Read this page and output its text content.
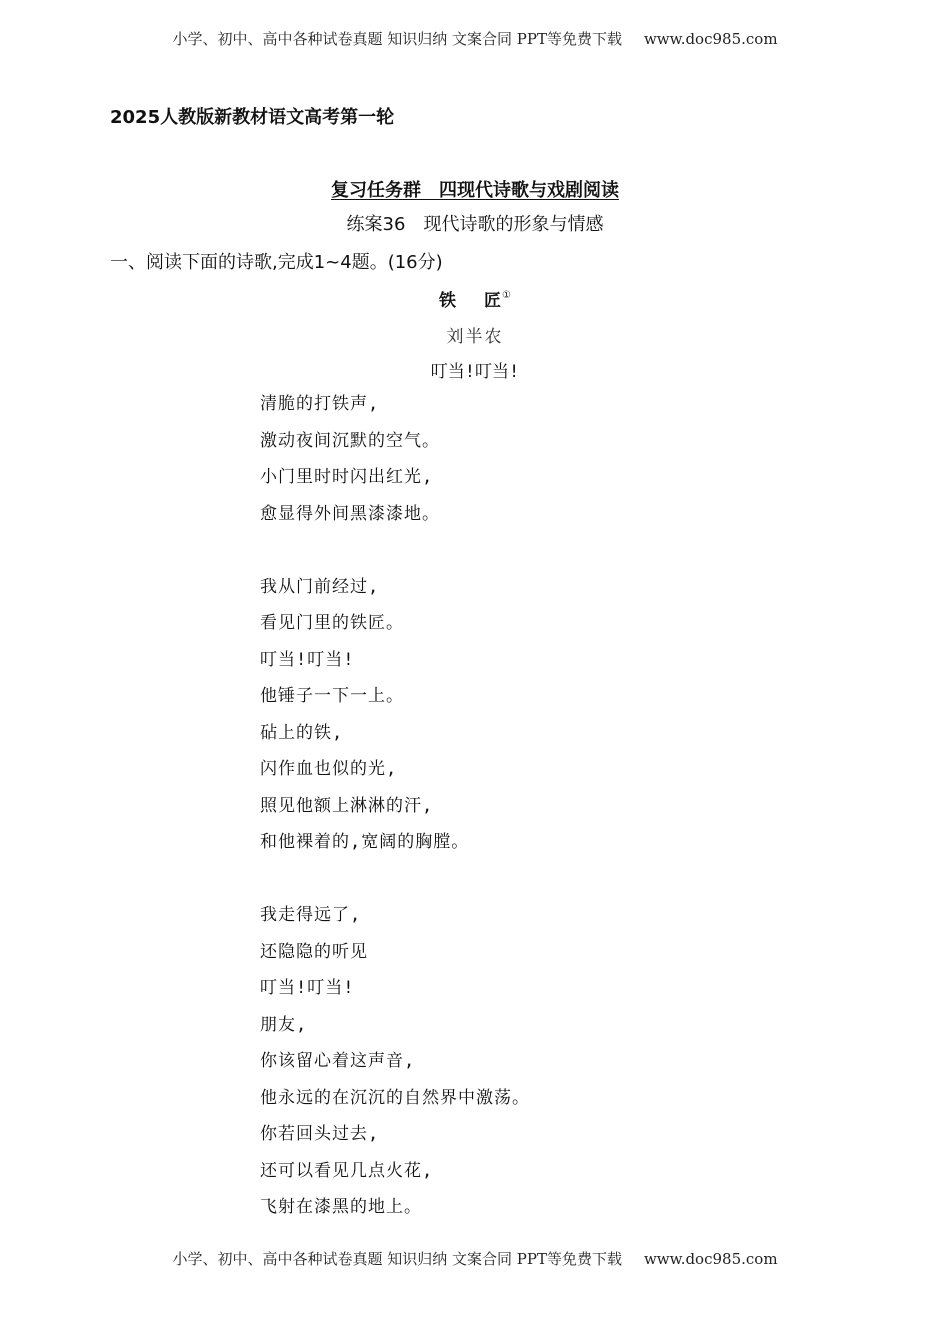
小学、初中、高中各种试卷真题 知识归纳 文案合同 PPT等免费下载 www.doc985.com
2025人教版新教材语文高考第一轮
复习任务群　四现代诗歌与戏剧阅读
练案36　现代诗歌的形象与情感
一、阅读下面的诗歌,完成1~4题。(16分)
铁 匠①
刘半农
叮当!叮当!
清脆的打铁声,
激动夜间沉默的空气。
小门里时时闪出红光,
愈显得外间黑漆漆地。
我从门前经过,
看见门里的铁匠。
叮当!叮当!
他锤子一下一上。
砧上的铁,
闪作血也似的光,
照见他额上淋淋的汗,
和他裸着的,宽阔的胸膛。
我走得远了,
还隐隐的听见
叮当!叮当!
朋友,
你该留心着这声音,
他永远的在沉沉的自然界中激荡。
你若回头过去,
还可以看见几点火花,
飞射在漆黑的地上。
小学、初中、高中各种试卷真题 知识归纳 文案合同 PPT等免费下载 www.doc985.com
